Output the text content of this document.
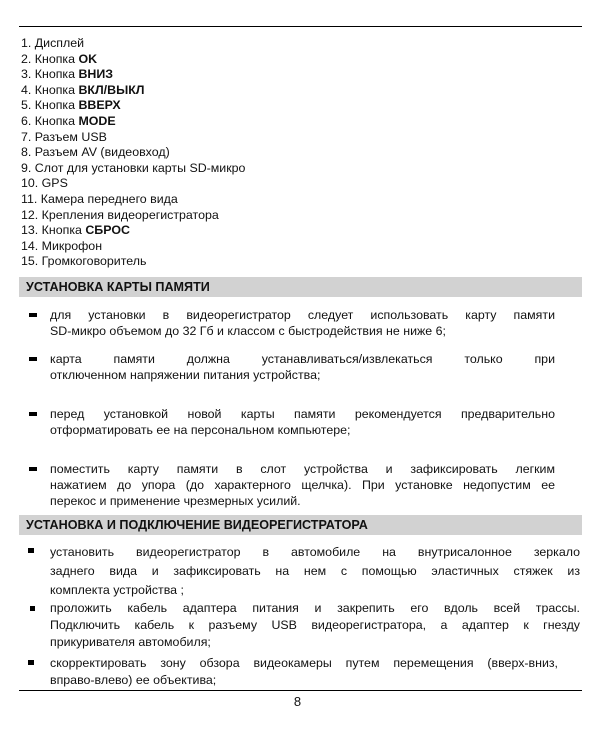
1. Дисплей
2. Кнопка OK
3. Кнопка ВНИЗ
4. Кнопка ВКЛ/ВЫКЛ
5. Кнопка ВВЕРХ
6. Кнопка MODE
7. Разъем USB
8. Разъем AV (видеовход)
9. Слот для установки карты SD-микро
10. GPS
11. Камера переднего вида
12. Крепления видеорегистратора
13. Кнопка СБРОС
14. Микрофон
15. Громкоговоритель
УСТАНОВКА КАРТЫ ПАМЯТИ
для установки в видеорегистратор следует использовать карту памяти
SD-микро объемом до 32 Гб и классом с быстродействия не ниже 6;
карта памяти должна устанавливаться/извлекаться только при
отключенном напряжении питания устройства;
перед установкой новой карты памяти рекомендуется предварительно
отформатировать ее на персональном компьютере;
поместить карту памяти в слот устройства и зафиксировать легким
нажатием до упора (до характерного щелчка). При установке недопустим ее
перекос и применение чрезмерных усилий.
УСТАНОВКА И ПОДКЛЮЧЕНИЕ ВИДЕОРЕГИСТРАТОРА
установить видеорегистратор в автомобиле на внутрисалонное зеркало
заднего вида и зафиксировать на нем с помощью эластичных стяжек из
комплекта устройства ;
проложить кабель адаптера питания и закрепить его вдоль всей трассы.
Подключить кабель к разъему USB видеорегистратора, а адаптер к гнезду
прикуривателя автомобиля;
скорректировать зону обзора видеокамеры путем перемещения (вверх-вниз,
вправо-влево) ее объектива;
8
